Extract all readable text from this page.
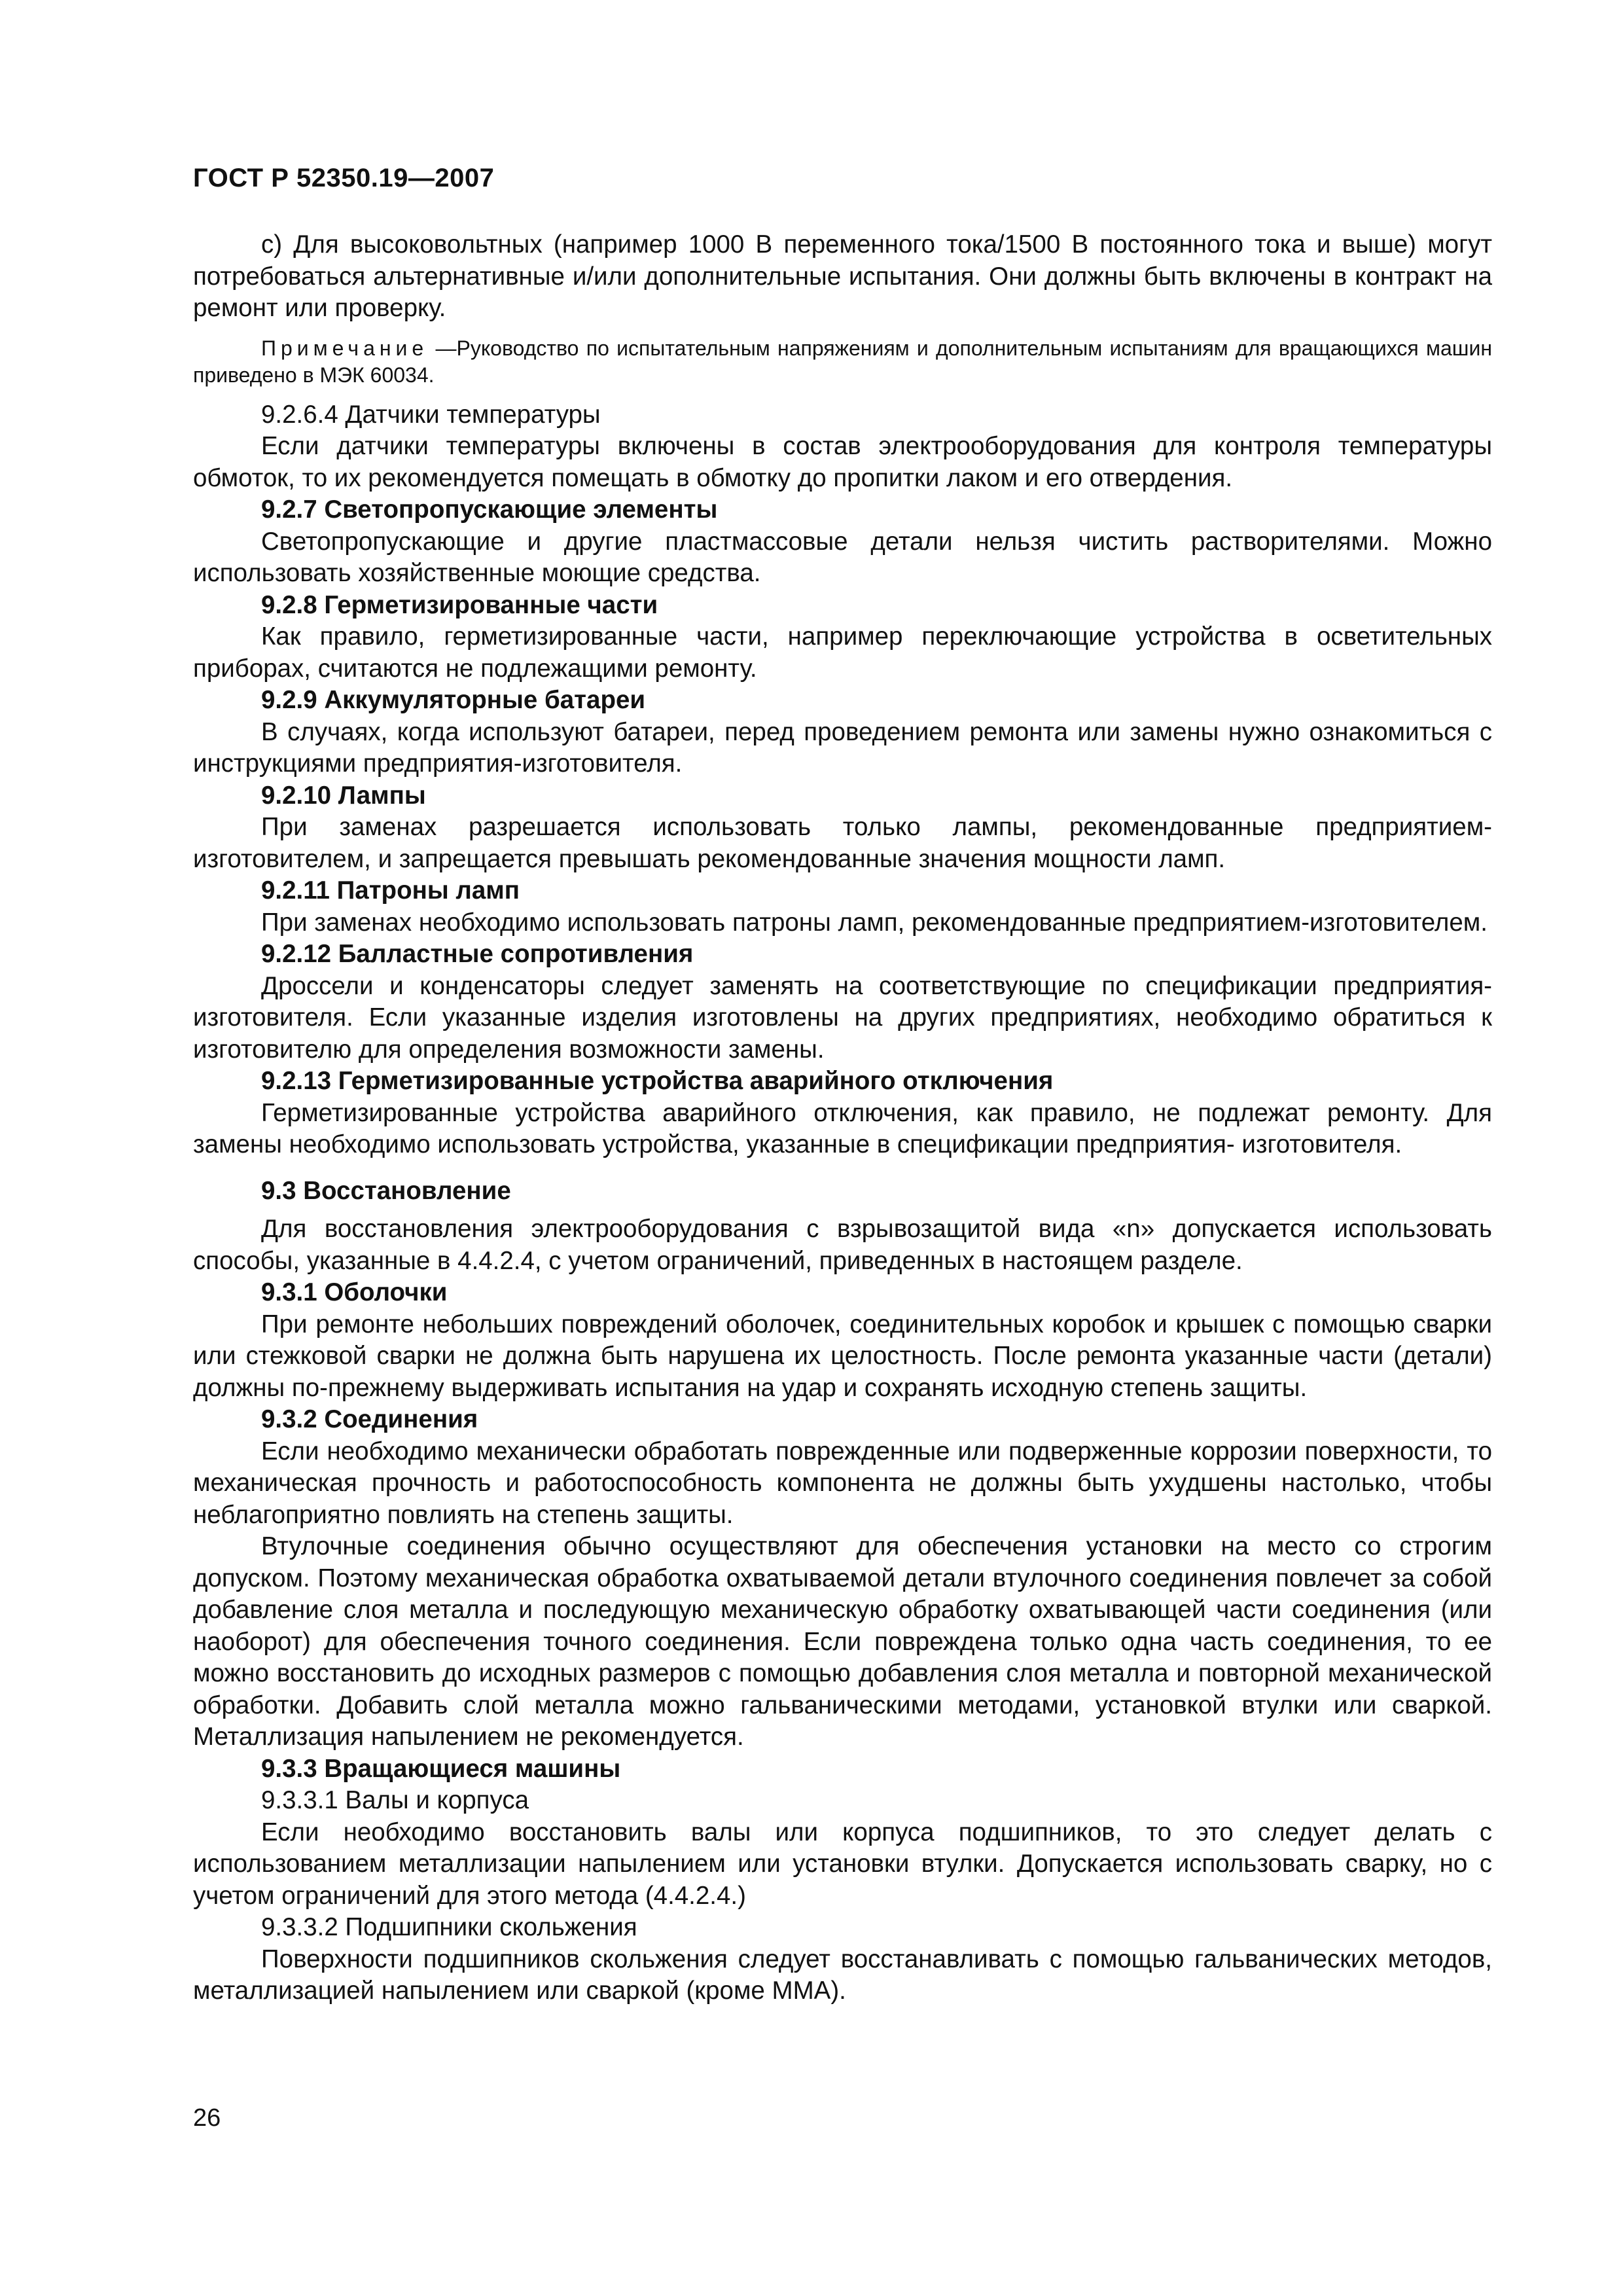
ГОСТ Р 52350.19—2007

с) Для высоковольтных (например 1000 В переменного тока/1500 В постоянного тока и выше) могут потребоваться альтернативные и/или дополнительные испытания. Они должны быть включены в контракт на ремонт или проверку.

Примечание —Руководство по испытательным напряжениям и дополнительным испытаниям для вращающихся машин приведено в МЭК 60034.

9.2.6.4 Датчики температуры

Если датчики температуры включены в состав электрооборудования для контроля температуры обмоток, то их рекомендуется помещать в обмотку до пропитки лаком и его отвердения.

9.2.7 Светопропускающие элементы

Светопропускающие и другие пластмассовые детали нельзя чистить растворителями. Можно использовать хозяйственные моющие средства.

9.2.8 Герметизированные части

Как правило, герметизированные части, например переключающие устройства в осветительных приборах, считаются не подлежащими ремонту.

9.2.9 Аккумуляторные батареи

В случаях, когда используют батареи, перед проведением ремонта или замены нужно ознакомиться с инструкциями предприятия-изготовителя.

9.2.10 Лампы

При заменах разрешается использовать только лампы, рекомендованные предприятием-изготовителем, и запрещается превышать рекомендованные значения мощности ламп.

9.2.11 Патроны ламп

При заменах необходимо использовать патроны ламп, рекомендованные предприятием-изготовителем.

9.2.12 Балластные сопротивления

Дроссели и конденсаторы следует заменять на соответствующие по спецификации предприятия-изготовителя. Если указанные изделия изготовлены на других предприятиях, необходимо обратиться к изготовителю для определения возможности замены.

9.2.13 Герметизированные устройства аварийного отключения

Герметизированные устройства аварийного отключения, как правило, не подлежат ремонту. Для замены необходимо использовать устройства, указанные в спецификации предприятия- изготовителя.

9.3 Восстановление

Для восстановления электрооборудования с взрывозащитой вида «n» допускается использовать способы, указанные в 4.4.2.4, с учетом ограничений, приведенных в настоящем разделе.

9.3.1 Оболочки

При ремонте небольших повреждений оболочек, соединительных коробок и крышек с помощью сварки или стежковой сварки не должна быть нарушена их целостность. После ремонта указанные части (детали) должны по-прежнему выдерживать испытания на удар и сохранять исходную степень защиты.

9.3.2 Соединения

Если необходимо механически обработать поврежденные или подверженные коррозии поверхности, то механическая прочность и работоспособность компонента не должны быть ухудшены настолько, чтобы неблагоприятно повлиять на степень защиты.

Втулочные соединения обычно осуществляют для обеспечения установки на место со строгим допуском. Поэтому механическая обработка охватываемой детали втулочного соединения повлечет за собой добавление слоя металла и последующую механическую обработку охватывающей части соединения (или наоборот) для обеспечения точного соединения. Если повреждена только одна часть соединения, то ее можно восстановить до исходных размеров с помощью добавления слоя металла и повторной механической обработки. Добавить слой металла можно гальваническими методами, установкой втулки или сваркой. Металлизация напылением не рекомендуется.

9.3.3 Вращающиеся машины
9.3.3.1 Валы и корпуса

Если необходимо восстановить валы или корпуса подшипников, то это следует делать с использованием металлизации напылением или установки втулки. Допускается использовать сварку, но с учетом ограничений для этого метода (4.4.2.4.)

9.3.3.2 Подшипники скольжения

Поверхности подшипников скольжения следует восстанавливать с помощью гальванических методов, металлизацией напылением или сваркой (кроме ММА).

26
